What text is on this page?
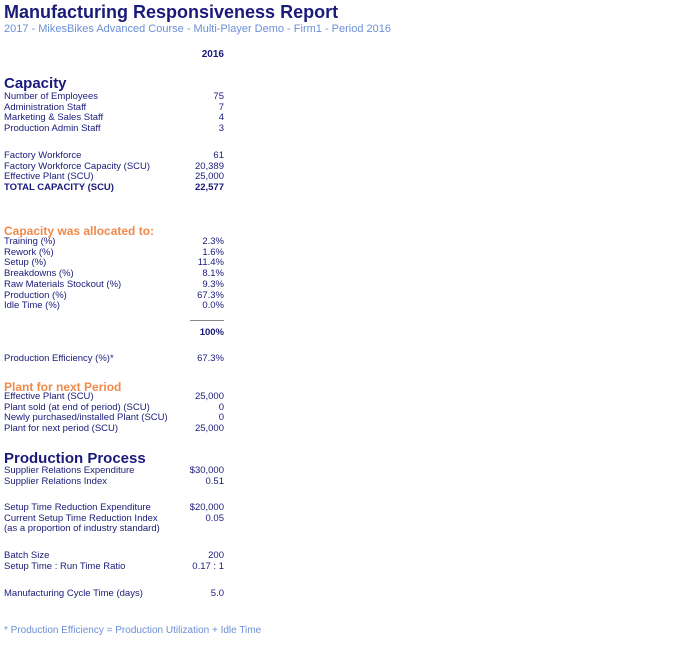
Manufacturing Responsiveness Report
2017 - MikesBikes Advanced Course - Multi-Player Demo - Firm1 - Period 2016
2016
Capacity
Number of Employees	75
Administration Staff	7
Marketing & Sales Staff	4
Production Admin Staff	3
Factory Workforce	61
Factory Workforce Capacity (SCU)	20,389
Effective Plant (SCU)	25,000
TOTAL CAPACITY (SCU)	22,577
Capacity was allocated to:
Training (%)	2.3%
Rework (%)	1.6%
Setup (%)	11.4%
Breakdowns (%)	8.1%
Raw Materials Stockout (%)	9.3%
Production (%)	67.3%
Idle Time (%)	0.0%
100%
Production Efficiency (%)*	67.3%
Plant for next Period
Effective Plant (SCU)	25,000
Plant sold (at end of period) (SCU)	0
Newly purchased/installed Plant (SCU)	0
Plant for next period (SCU)	25,000
Production Process
Supplier Relations Expenditure	$30,000
Supplier Relations Index	0.51
Setup Time Reduction Expenditure	$20,000
Current Setup Time Reduction Index	0.05
(as a proportion of industry standard)
Batch Size	200
Setup Time : Run Time Ratio	0.17 : 1
Manufacturing Cycle Time (days)	5.0
* Production Efficiency = Production Utilization + Idle Time
